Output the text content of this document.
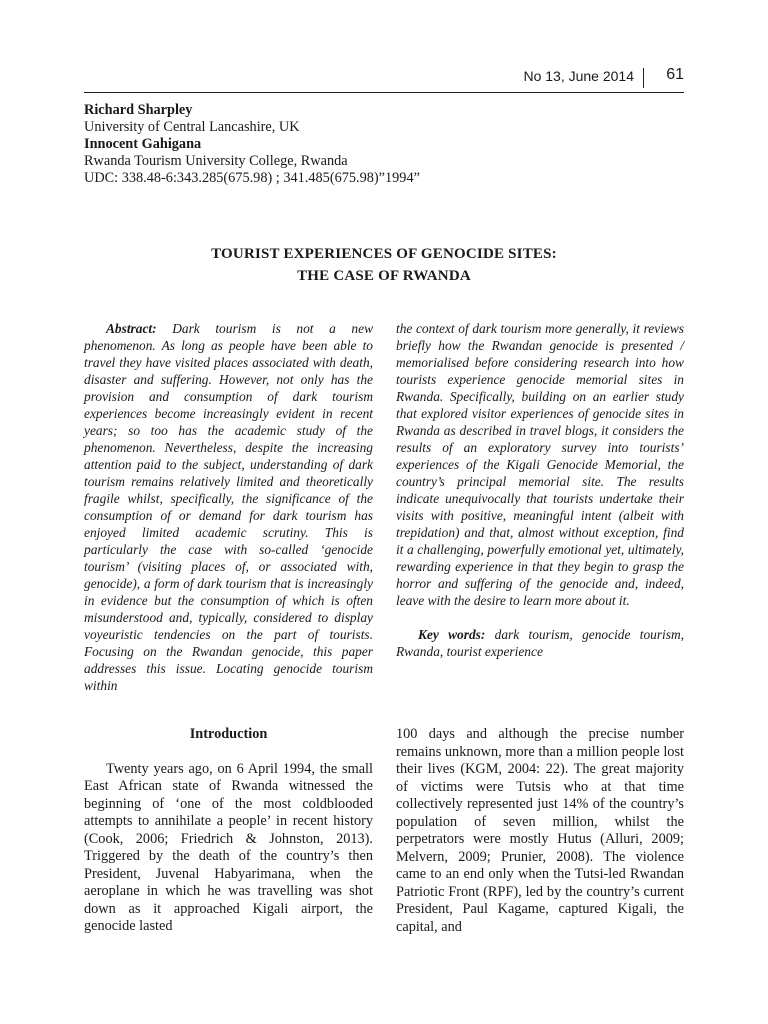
No 13, June 2014 61
Richard Sharpley
University of Central Lancashire, UK
Innocent Gahigana
Rwanda Tourism University College, Rwanda
UDC: 338.48-6:343.285(675.98) ; 341.485(675.98)”1994”
TOURIST EXPERIENCES OF GENOCIDE SITES:
THE CASE OF RWANDA

Abstract: Dark tourism is not a new phenomenon. As long as people have been able to travel they have visited places associated with death, disaster and suffering. However, not only has the provision and consumption of dark tourism experiences become increasingly evident in recent years; so too has the academic study of the phenomenon. Nevertheless, despite the increasing attention paid to the subject, understanding of dark tourism remains relatively limited and theoretically fragile whilst, specifically, the significance of the consumption of or demand for dark tourism has enjoyed limited academic scrutiny. This is particularly the case with so-called ‘genocide tourism’ (visiting places of, or associated with, genocide), a form of dark tourism that is increasingly in evidence but the consumption of which is often misunderstood and, typically, considered to display voyeuristic tendencies on the part of tourists. Focusing on the Rwandan genocide, this paper addresses this issue. Locating genocide tourism within

the context of dark tourism more generally, it reviews briefly how the Rwandan genocide is presented / memorialised before considering research into how tourists experience genocide memorial sites in Rwanda. Specifically, building on an earlier study that explored visitor experiences of genocide sites in Rwanda as described in travel blogs, it considers the results of an exploratory survey into tourists’ experiences of the Kigali Genocide Memorial, the country’s principal memorial site. The results indicate unequivocally that tourists undertake their visits with positive, meaningful intent (albeit with trepidation) and that, almost without exception, find it a challenging, powerfully emotional yet, ultimately, rewarding experience in that they begin to grasp the horror and suffering of the genocide and, indeed, leave with the desire to learn more about it.

Key words: dark tourism, genocide tourism, Rwanda, tourist experience

Introduction

Twenty years ago, on 6 April 1994, the small East African state of Rwanda witnessed the beginning of ‘one of the most coldblooded attempts to annihilate a people’ in recent history (Cook, 2006; Friedrich & Johnston, 2013). Triggered by the death of the country’s then President, Juvenal Habyarimana, when the aeroplane in which he was travelling was shot down as it approached Kigali airport, the genocide lasted

100 days and although the precise number remains unknown, more than a million people lost their lives (KGM, 2004: 22). The great majority of victims were Tutsis who at that time collectively represented just 14% of the country’s population of seven million, whilst the perpetrators were mostly Hutus (Alluri, 2009; Melvern, 2009; Prunier, 2008). The violence came to an end only when the Tutsi-led Rwandan Patriotic Front (RPF), led by the country’s current President, Paul Kagame, captured Kigali, the capital, and
